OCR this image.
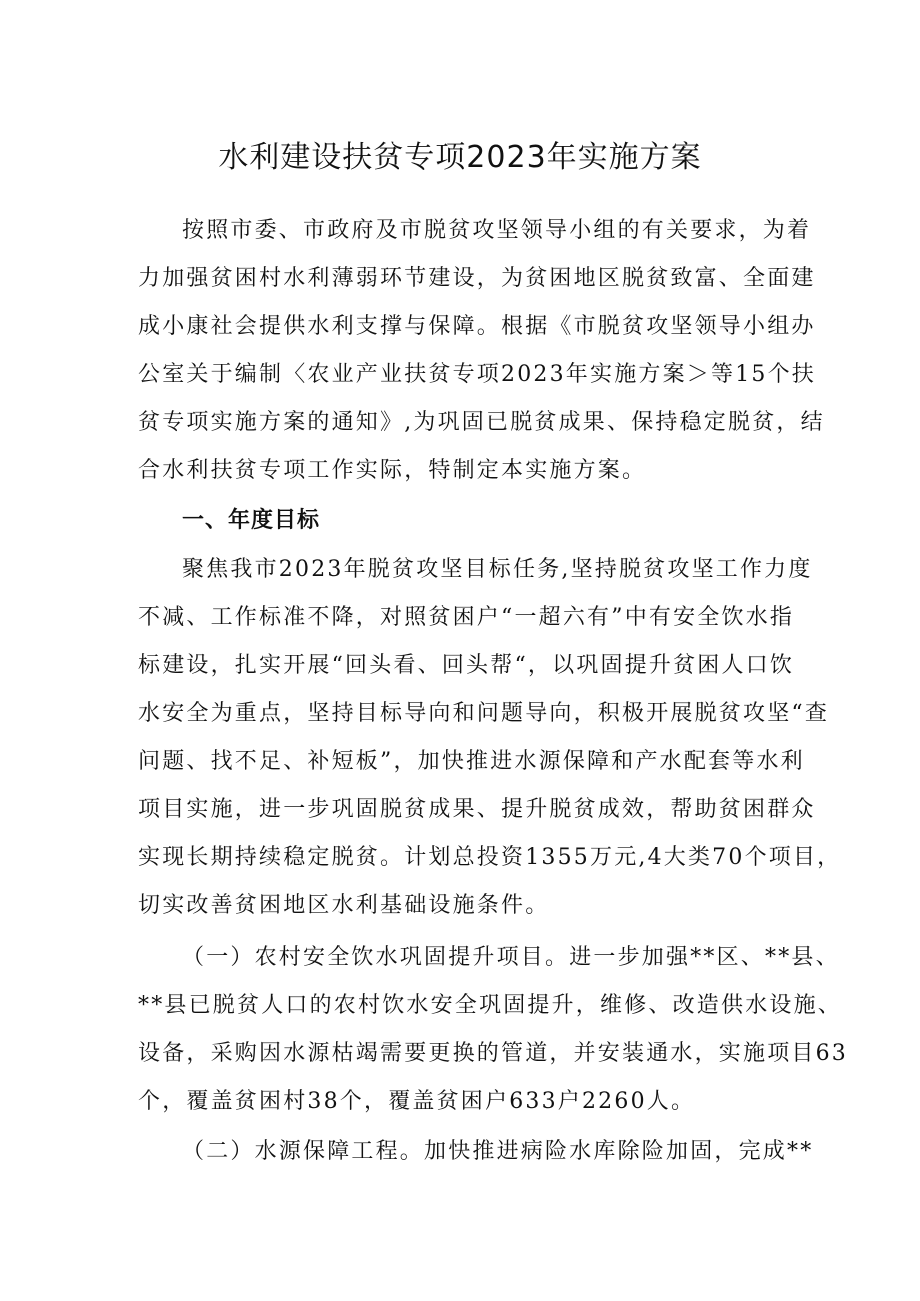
水利建设扶贫专项2023年实施方案
按照市委、市政府及市脱贫攻坚领导小组的有关要求，为着
力加强贫困村水利薄弱环节建设，为贫困地区脱贫致富、全面建
成小康社会提供水利支撑与保障。根据《市脱贫攻坚领导小组办
公室关于编制〈农业产业扶贫专项2023年实施方案＞等15个扶
贫专项实施方案的通知》,为巩固已脱贫成果、保持稳定脱贫，结
合水利扶贫专项工作实际，特制定本实施方案。
一、年度目标
聚焦我市2023年脱贫攻坚目标任务,坚持脱贫攻坚工作力度
不减、工作标准不降，对照贫困户“一超六有”中有安全饮水指
标建设，扎实开展“回头看、回头帮“，以巩固提升贫困人口饮
水安全为重点，坚持目标导向和问题导向，积极开展脱贫攻坚“查
问题、找不足、补短板”，加快推进水源保障和产水配套等水利
项目实施，进一步巩固脱贫成果、提升脱贫成效，帮助贫困群众
实现长期持续稳定脱贫。计划总投资1355万元,4大类70个项目，
切实改善贫困地区水利基础设施条件。
（一）农村安全饮水巩固提升项目。进一步加强**区、**县、
**县已脱贫人口的农村饮水安全巩固提升，维修、改造供水设施、
设备，采购因水源枯竭需要更换的管道，并安装通水，实施项目63
个，覆盖贫困村38个，覆盖贫困户633户2260人。
（二）水源保障工程。加快推进病险水库除险加固，完成**
